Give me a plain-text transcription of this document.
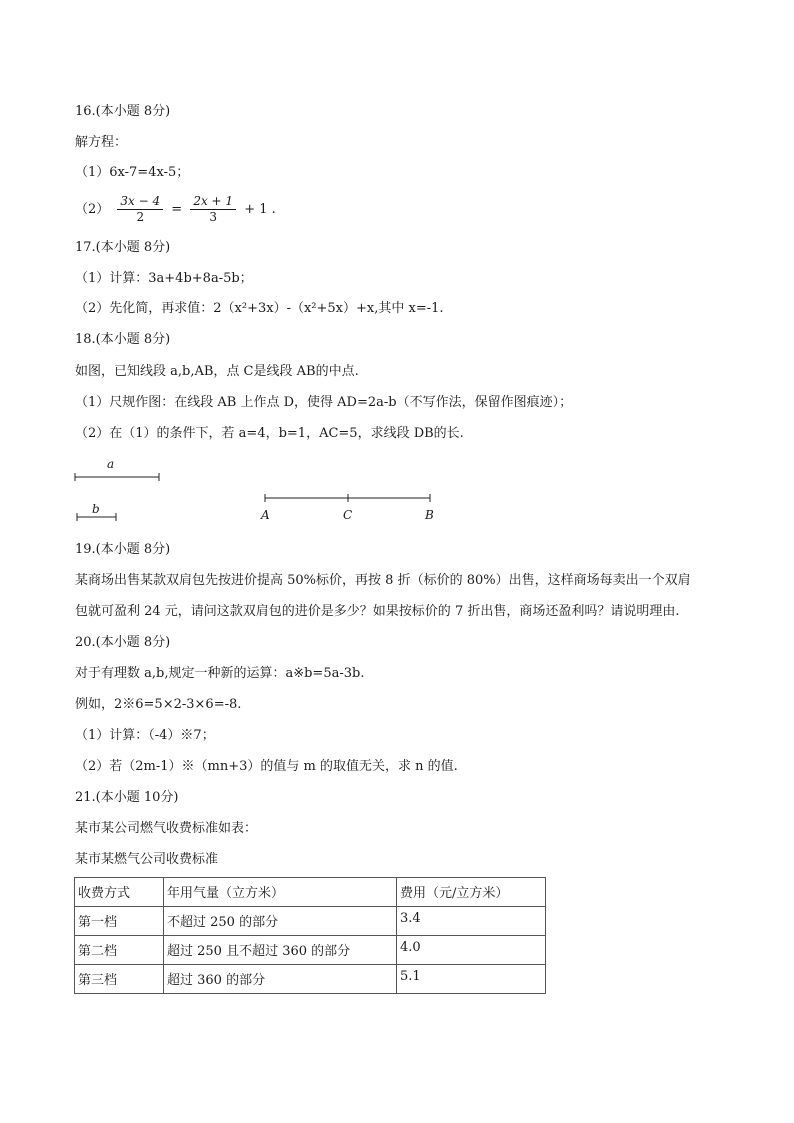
16.(本小题 8分)
解方程：
（1）6x-7=4x-5；
$(2) \frac{3x - 4}{2} = \frac{2x + 1}{3} + 1$ .
17.(本小题 8分)
（1）计算：3a+4b+8a-5b；
（2）先化简，再求值：2（x²+3x）-（x²+5x）+x,其中 x=-1.
18.(本小题 8分)
如图，已知线段 a,b,AB，点 C是线段 AB的中点.
（1）尺规作图：在线段 AB 上作点 D，使得 AD=2a-b（不写作法，保留作图痕迹）；
（2）在（1）的条件下，若 a=4，b=1，AC=5，求线段 DB的长.
a
b	A	C	B
19.(本小题 8分)
某商场出售某款双肩包先按进价提高 50%标价，再按 8 折（标价的 80%）出售，这样商场每卖出一个双肩
包就可盈利 24 元，请问这款双肩包的进价是多少？如果按标价的 7 折出售，商场还盈利吗？请说明理由.
20.(本小题 8分)
对于有理数 a,b,规定一种新的运算：a※b=5a-3b.
例如，2※6=5×2-3×6=-8.
（1）计算：（-4）※7；
（2）若（2m-1）※（mn+3）的值与 m 的取值无关，求 n 的值.
21.(本小题 10分)
某市某公司燃气收费标准如表：
某市某燃气公司收费标准
收费方式	年用气量（立方米）	费用（元/立方米）
第一档	不超过 250 的部分	3.4
第二档	超过 250 且不超过 360 的部分	4.0
第三档	超过 360 的部分	5.1
